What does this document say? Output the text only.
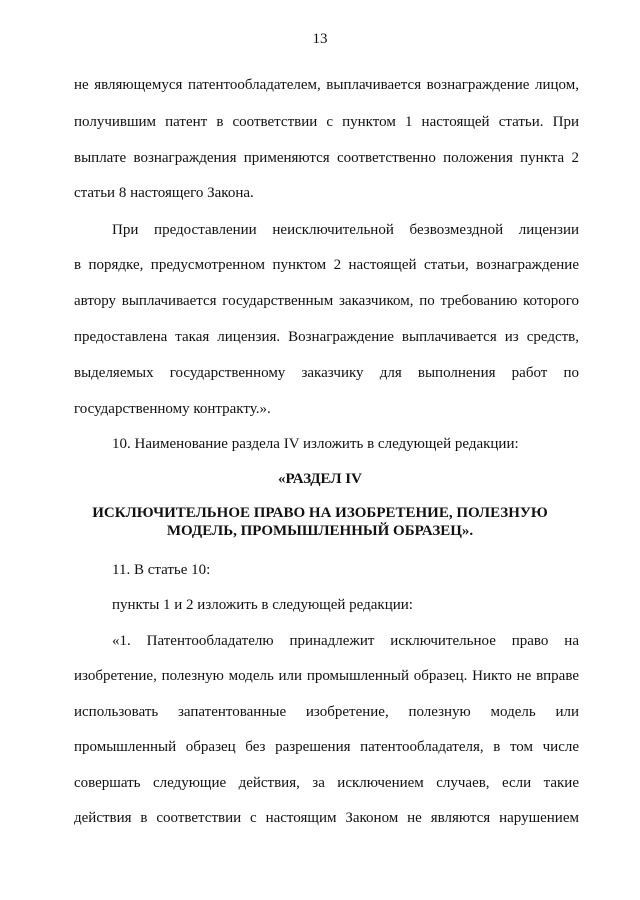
13
не являющемуся патентообладателем, выплачивается вознаграждение лицом,
получившим патент в соответствии с пунктом 1 настоящей статьи. При
выплате вознаграждения применяются соответственно положения пункта 2
статьи 8 настоящего Закона.
При предоставлении неисключительной безвозмездной лицензии
в порядке, предусмотренном пунктом 2 настоящей статьи, вознаграждение
автору выплачивается государственным заказчиком, по требованию которого
предоставлена такая лицензия. Вознаграждение выплачивается из средств,
выделяемых государственному заказчику для выполнения работ по
государственному контракту.».
10. Наименование раздела IV изложить в следующей редакции:
«РАЗДЕЛ IV
ИСКЛЮЧИТЕЛЬНОЕ ПРАВО НА ИЗОБРЕТЕНИЕ, ПОЛЕЗНУЮ
МОДЕЛЬ, ПРОМЫШЛЕННЫЙ ОБРАЗЕЦ».
11. В статье 10:
пункты 1 и 2 изложить в следующей редакции:
«1. Патентообладателю принадлежит исключительное право на
изобретение, полезную модель или промышленный образец. Никто не вправе
использовать запатентованные изобретение, полезную модель или
промышленный образец без разрешения патентообладателя, в том числе
совершать следующие действия, за исключением случаев, если такие
действия в соответствии с настоящим Законом не являются нарушением
